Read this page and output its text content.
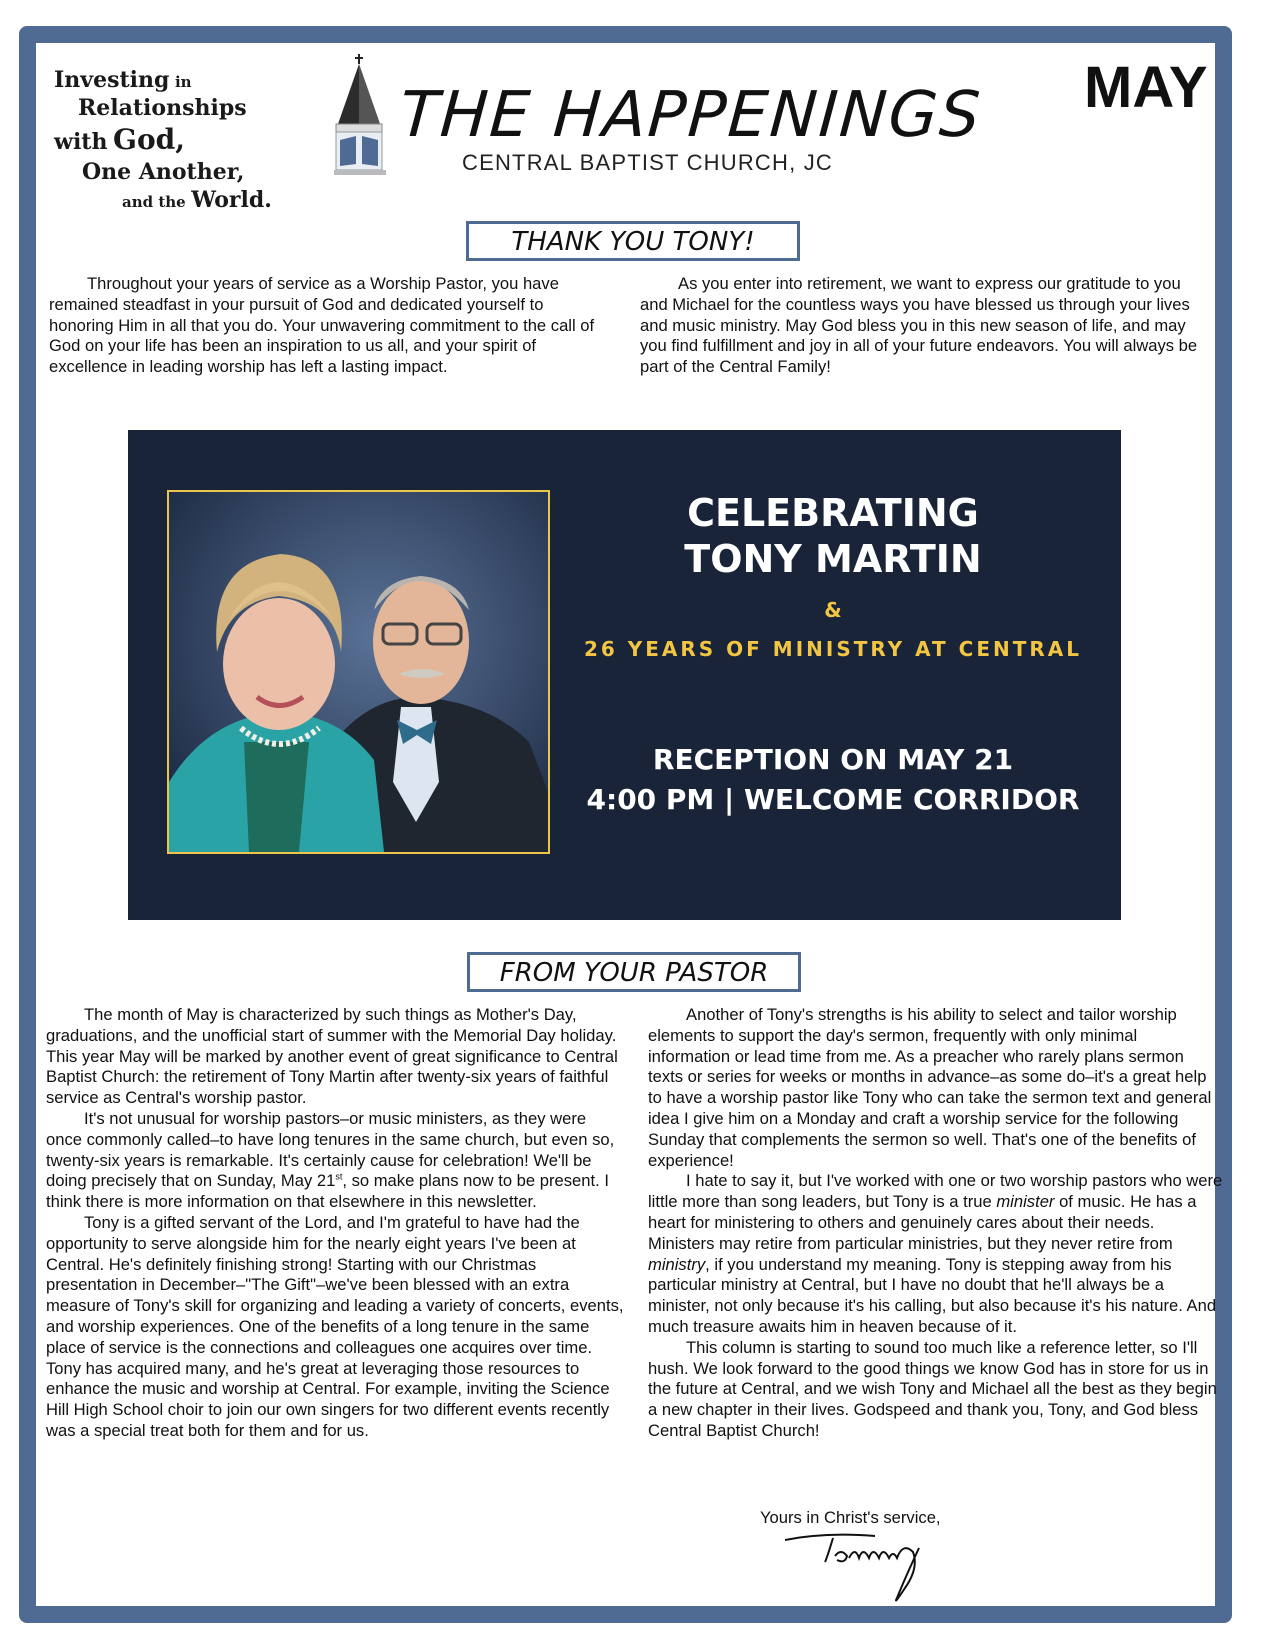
Investing in
Relationships
with God,
One Another,
and the World.
THE HAPPENINGS
CENTRAL BAPTIST CHURCH, JC
MAY
THANK YOU TONY!

Throughout your years of service as a Worship Pastor, you have remained steadfast in your pursuit of God and dedicated yourself to honoring Him in all that you do. Your unwavering commitment to the call of God on your life has been an inspiration to us all, and your spirit of excellence in leading worship has left a lasting impact.

As you enter into retirement, we want to express our gratitude to you and Michael for the countless ways you have blessed us through your lives and music ministry. May God bless you in this new season of life, and may you find fulfillment and joy in all of your future endeavors. You will always be part of the Central Family!

CELEBRATING
TONY MARTIN
&
26 YEARS OF MINISTRY AT CENTRAL
RECEPTION ON MAY 21
4:00 PM | WELCOME CORRIDOR
FROM YOUR PASTOR

The month of May is characterized by such things as Mother's Day, graduations, and the unofficial start of summer with the Memorial Day holiday. This year May will be marked by another event of great significance to Central Baptist Church: the retirement of Tony Martin after twenty-six years of faithful service as Central's worship pastor.

It's not unusual for worship pastors–or music ministers, as they were once commonly called–to have long tenures in the same church, but even so, twenty-six years is remarkable. It's certainly cause for celebration! We'll be doing precisely that on Sunday, May 21st, so make plans now to be present. I think there is more information on that elsewhere in this newsletter.

Tony is a gifted servant of the Lord, and I'm grateful to have had the opportunity to serve alongside him for the nearly eight years I've been at Central. He's definitely finishing strong! Starting with our Christmas presentation in December–"The Gift"–we've been blessed with an extra measure of Tony's skill for organizing and leading a variety of concerts, events, and worship experiences. One of the benefits of a long tenure in the same place of service is the connections and colleagues one acquires over time. Tony has acquired many, and he's great at leveraging those resources to enhance the music and worship at Central. For example, inviting the Science Hill High School choir to join our own singers for two different events recently was a special treat both for them and for us.

Another of Tony's strengths is his ability to select and tailor worship elements to support the day's sermon, frequently with only minimal information or lead time from me. As a preacher who rarely plans sermon texts or series for weeks or months in advance–as some do–it's a great help to have a worship pastor like Tony who can take the sermon text and general idea I give him on a Monday and craft a worship service for the following Sunday that complements the sermon so well. That's one of the benefits of experience!

I hate to say it, but I've worked with one or two worship pastors who were little more than song leaders, but Tony is a true minister of music. He has a heart for ministering to others and genuinely cares about their needs. Ministers may retire from particular ministries, but they never retire from ministry, if you understand my meaning. Tony is stepping away from his particular ministry at Central, but I have no doubt that he'll always be a minister, not only because it's his calling, but also because it's his nature. And much treasure awaits him in heaven because of it.

This column is starting to sound too much like a reference letter, so I'll hush. We look forward to the good things we know God has in store for us in the future at Central, and we wish Tony and Michael all the best as they begin a new chapter in their lives. Godspeed and thank you, Tony, and God bless Central Baptist Church!

Yours in Christ's service,
